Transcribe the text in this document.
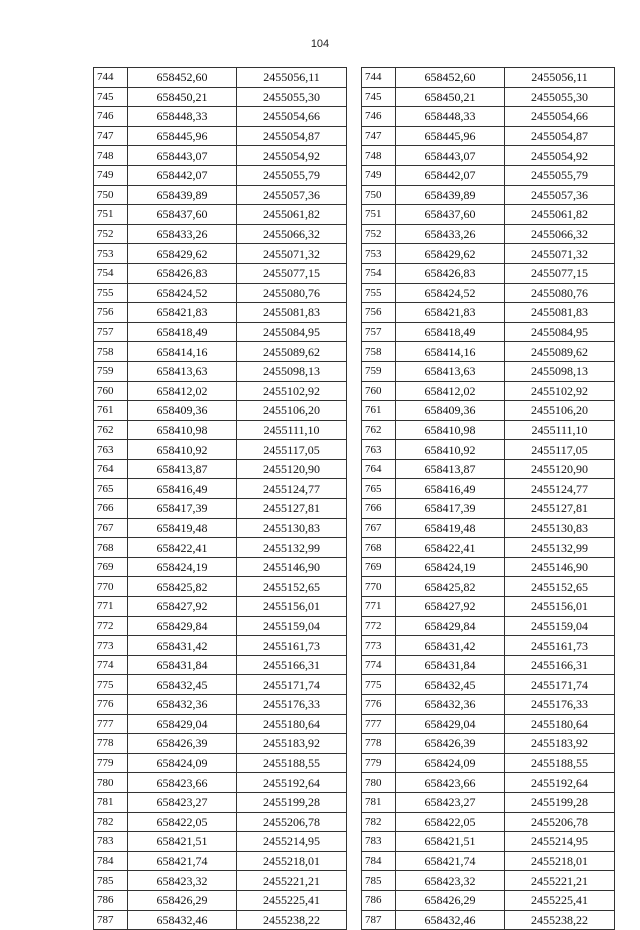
104
744	658452,60	2455056,11
745	658450,21	2455055,30
746	658448,33	2455054,66
747	658445,96	2455054,87
748	658443,07	2455054,92
749	658442,07	2455055,79
750	658439,89	2455057,36
751	658437,60	2455061,82
752	658433,26	2455066,32
753	658429,62	2455071,32
754	658426,83	2455077,15
755	658424,52	2455080,76
756	658421,83	2455081,83
757	658418,49	2455084,95
758	658414,16	2455089,62
759	658413,63	2455098,13
760	658412,02	2455102,92
761	658409,36	2455106,20
762	658410,98	2455111,10
763	658410,92	2455117,05
764	658413,87	2455120,90
765	658416,49	2455124,77
766	658417,39	2455127,81
767	658419,48	2455130,83
768	658422,41	2455132,99
769	658424,19	2455146,90
770	658425,82	2455152,65
771	658427,92	2455156,01
772	658429,84	2455159,04
773	658431,42	2455161,73
774	658431,84	2455166,31
775	658432,45	2455171,74
776	658432,36	2455176,33
777	658429,04	2455180,64
778	658426,39	2455183,92
779	658424,09	2455188,55
780	658423,66	2455192,64
781	658423,27	2455199,28
782	658422,05	2455206,78
783	658421,51	2455214,95
784	658421,74	2455218,01
785	658423,32	2455221,21
786	658426,29	2455225,41
787	658432,46	2455238,22
744	658452,60	2455056,11
745	658450,21	2455055,30
746	658448,33	2455054,66
747	658445,96	2455054,87
748	658443,07	2455054,92
749	658442,07	2455055,79
750	658439,89	2455057,36
751	658437,60	2455061,82
752	658433,26	2455066,32
753	658429,62	2455071,32
754	658426,83	2455077,15
755	658424,52	2455080,76
756	658421,83	2455081,83
757	658418,49	2455084,95
758	658414,16	2455089,62
759	658413,63	2455098,13
760	658412,02	2455102,92
761	658409,36	2455106,20
762	658410,98	2455111,10
763	658410,92	2455117,05
764	658413,87	2455120,90
765	658416,49	2455124,77
766	658417,39	2455127,81
767	658419,48	2455130,83
768	658422,41	2455132,99
769	658424,19	2455146,90
770	658425,82	2455152,65
771	658427,92	2455156,01
772	658429,84	2455159,04
773	658431,42	2455161,73
774	658431,84	2455166,31
775	658432,45	2455171,74
776	658432,36	2455176,33
777	658429,04	2455180,64
778	658426,39	2455183,92
779	658424,09	2455188,55
780	658423,66	2455192,64
781	658423,27	2455199,28
782	658422,05	2455206,78
783	658421,51	2455214,95
784	658421,74	2455218,01
785	658423,32	2455221,21
786	658426,29	2455225,41
787	658432,46	2455238,22
